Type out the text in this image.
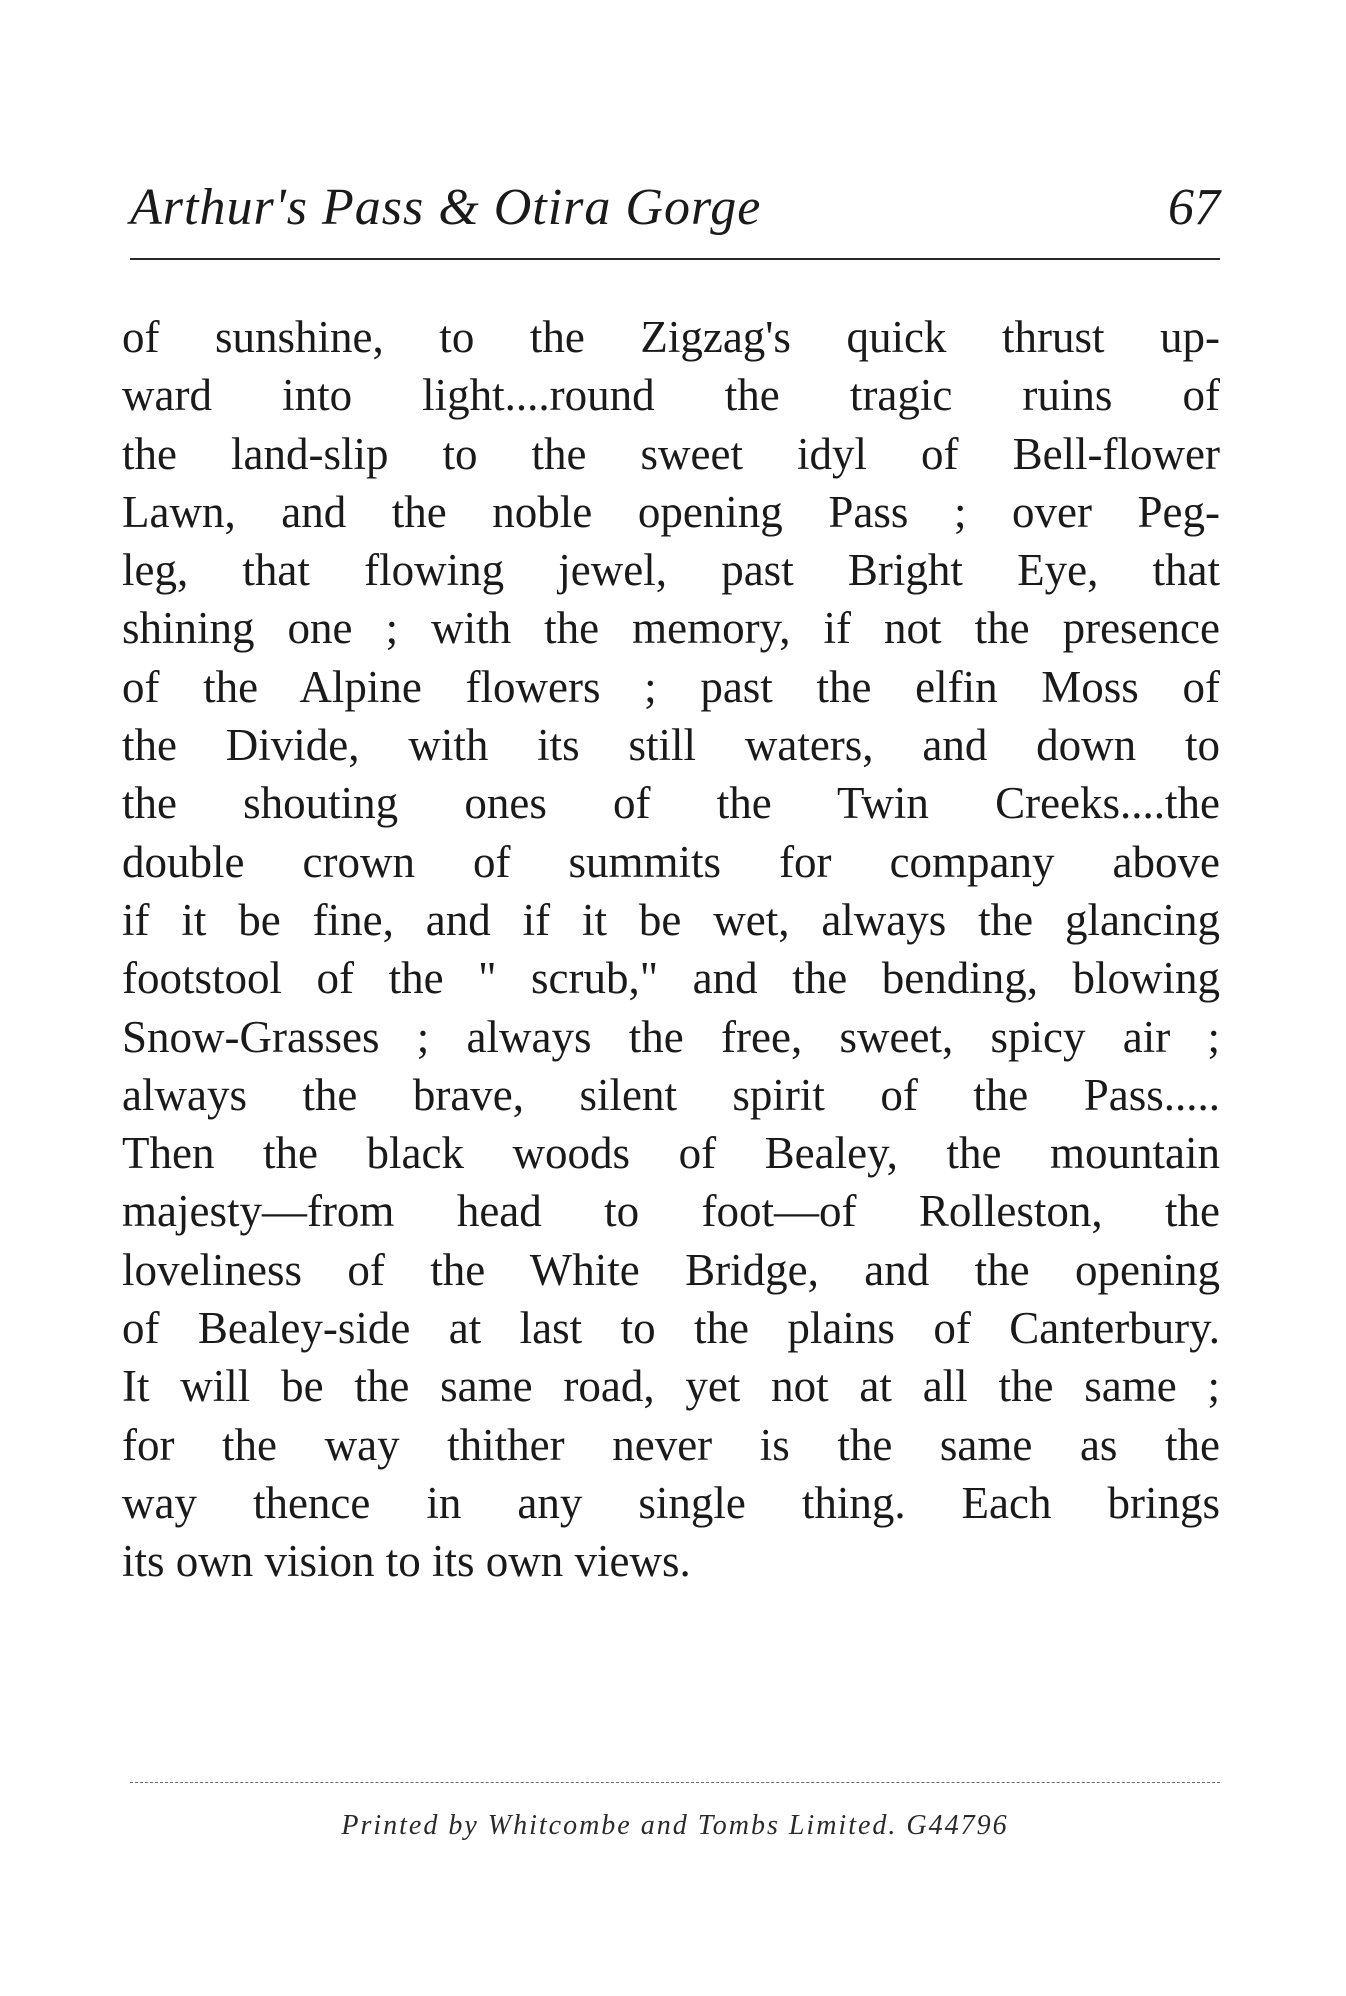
Arthur's Pass & Otira Gorge	67
of sunshine, to the Zigzag's quick thrust up-
ward into light....round the tragic ruins of
the land-slip to the sweet idyl of Bell-flower
Lawn, and the noble opening Pass ; over Peg-
leg, that flowing jewel, past Bright Eye, that
shining one ; with the memory, if not the presence
of the Alpine flowers ; past the elfin Moss of
the Divide, with its still waters, and down to
the shouting ones of the Twin Creeks....the
double crown of summits for company above
if it be fine, and if it be wet, always the glancing
footstool of the " scrub," and the bending, blowing
Snow-Grasses ; always the free, sweet, spicy air ;
always the brave, silent spirit of the Pass.....
Then the black woods of Bealey, the mountain
majesty—from head to foot—of Rolleston, the
loveliness of the White Bridge, and the opening
of Bealey-side at last to the plains of Canterbury.
It will be the same road, yet not at all the same ;
for the way thither never is the same as the
way thence in any single thing. Each brings
its own vision to its own views.
Printed by Whitcombe and Tombs Limited. G44796
